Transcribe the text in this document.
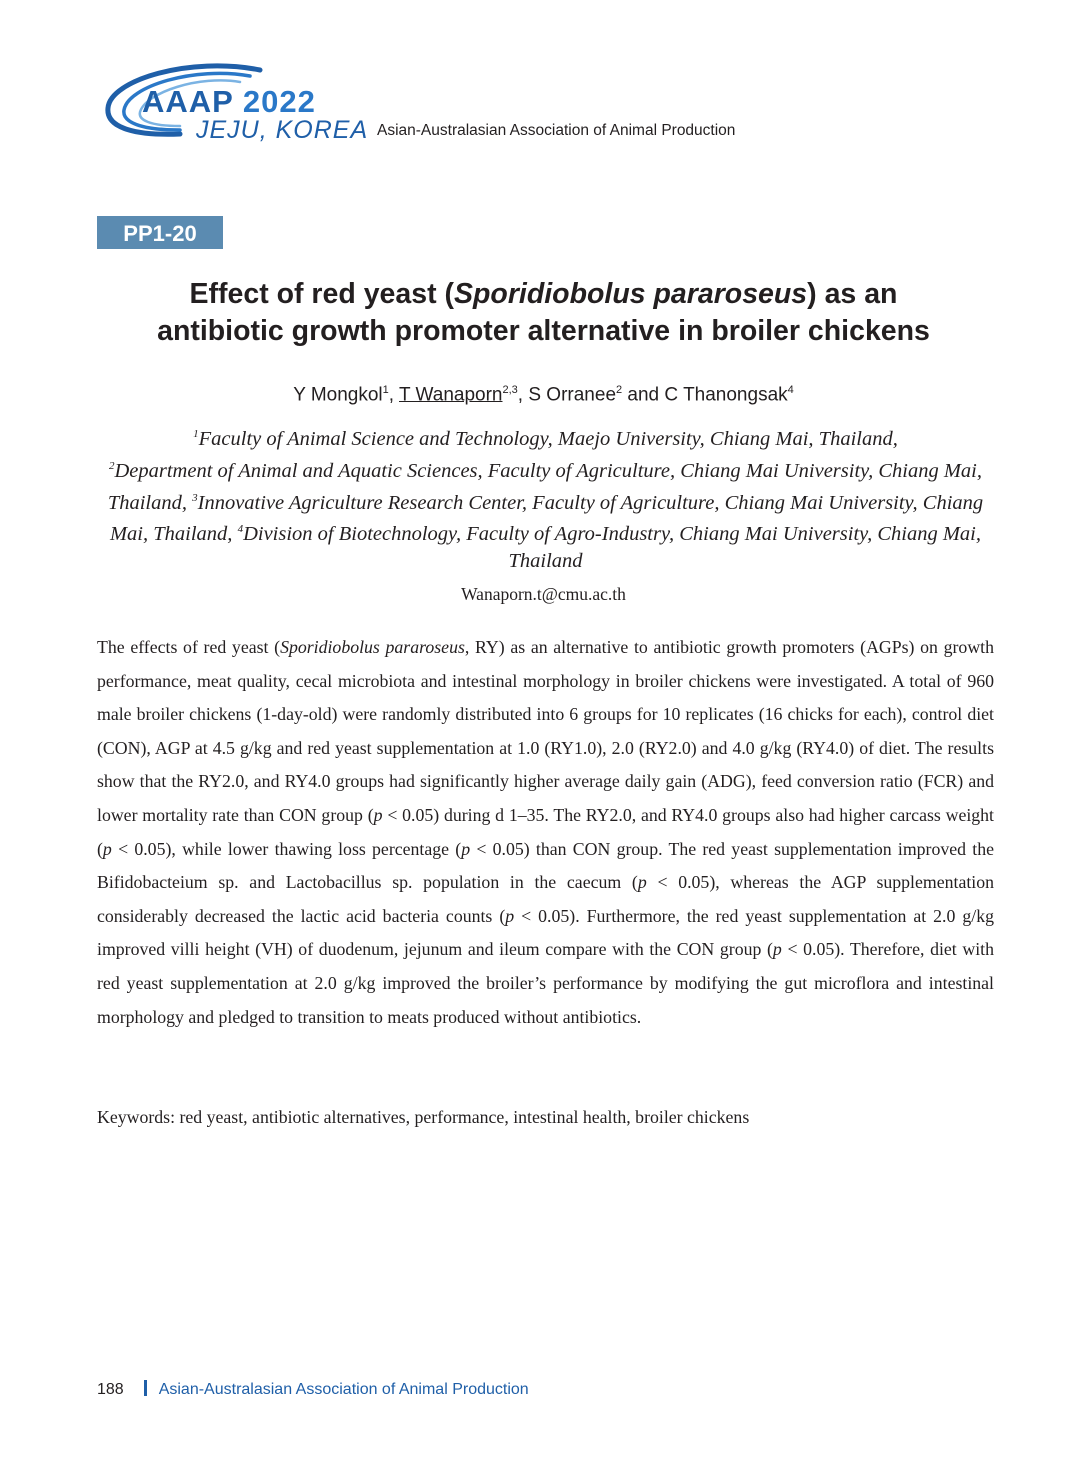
AAAP 2022
JEJU, KOREA Asian-Australasian Association of Animal Production
PP1-20
Effect of red yeast (Sporidiobolus pararoseus) as an
antibiotic growth promoter alternative in broiler chickens
Y Mongkol$^1$, T Wanaporn$^{2,3}$, S Orranee$^2$ and C Thanongsak$^4$
$^1$Faculty of Animal Science and Technology, Maejo University, Chiang Mai, Thailand,
$^2$Department of Animal and Aquatic Sciences, Faculty of Agriculture, Chiang Mai University, Chiang Mai, Thailand, $^3$Innovative Agriculture Research Center, Faculty of Agriculture, Chiang Mai University, Chiang Mai, Thailand, $^4$Division of Biotechnology, Faculty of Agro-Industry, Chiang Mai University, Chiang Mai, Thailand
Wanaporn.t@cmu.ac.th

The effects of red yeast (Sporidiobolus pararoseus, RY) as an alternative to antibiotic growth promoters (AGPs) on growth performance, meat quality, cecal microbiota and intestinal morphology in broiler chickens were investigated. A total of 960 male broiler chickens (1-day-old) were randomly distributed into 6 groups for 10 replicates (16 chicks for each), control diet (CON), AGP at 4.5 g/kg and red yeast supplementation at 1.0 (RY1.0), 2.0 (RY2.0) and 4.0 g/kg (RY4.0) of diet. The results show that the RY2.0, and RY4.0 groups had significantly higher average daily gain (ADG), feed conversion ratio (FCR) and lower mortality rate than CON group (p < 0.05) during d 1–35. The RY2.0, and RY4.0 groups also had higher carcass weight (p < 0.05), while lower thawing loss percentage (p < 0.05) than CON group. The red yeast supplementation improved the Bifidobacteium sp. and Lactobacillus sp. population in the caecum (p < 0.05), whereas the AGP supplementation considerably decreased the lactic acid bacteria counts (p < 0.05). Furthermore, the red yeast supplementation at 2.0 g/kg improved villi height (VH) of duodenum, jejunum and ileum compare with the CON group (p < 0.05). Therefore, diet with red yeast supplementation at 2.0 g/kg improved the broiler’s performance by modifying the gut microflora and intestinal morphology and pledged to transition to meats produced without antibiotics.

Keywords: red yeast, antibiotic alternatives, performance, intestinal health, broiler chickens
188 Asian-Australasian Association of Animal Production
